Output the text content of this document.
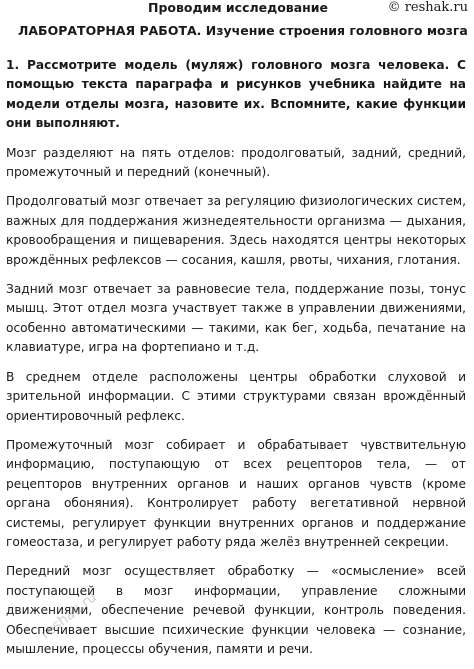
Проводим исследование	© reshak.ru
ЛАБОРАТОРНАЯ РАБОТА. Изучение строения головного мозга

1. Рассмотрите модель (муляж) головного мозга человека. С помощью текста параграфа и рисунков учебника найдите на модели отделы мозга, назовите их. Вспомните, какие функции они выполняют.

Мозг разделяют на пять отделов: продолговатый, задний, средний, промежуточный и передний (конечный).

Продолговатый мозг отвечает за регуляцию физиологических систем, важных для поддержания жизнедеятельности организма — дыхания, кровообращения и пищеварения. Здесь находятся центры некоторых врождённых рефлексов — сосания, кашля, рвоты, чихания, глотания.

Задний мозг отвечает за равновесие тела, поддержание позы, тонус мышц. Этот отдел мозга участвует также в управлении движениями, особенно автоматическими — такими, как бег, ходьба, печатание на клавиатуре, игра на фортепиано и т.д.

В среднем отделе расположены центры обработки слуховой и зрительной информации. С этими структурами связан врождённый ориентировочный рефлекс.

Промежуточный мозг собирает и обрабатывает чувствительную информацию, поступающую от всех рецепторов тела, — от рецепторов внутренних органов и наших органов чувств (кроме органа обоняния). Контролирует работу вегетативной нервной системы, регулирует функции внутренних органов и поддержание гомеостаза, и регулирует работу ряда желёз внутренней секреции.

Передний мозг осуществляет обработку — «осмысление» всей поступающей в мозг информации, управление сложными движениями, обеспечение речевой функции, контроль поведения. Обеспечивает высшие психические функции человека — сознание, мышление, процессы обучения, памяти и речи.

reshak.ru
